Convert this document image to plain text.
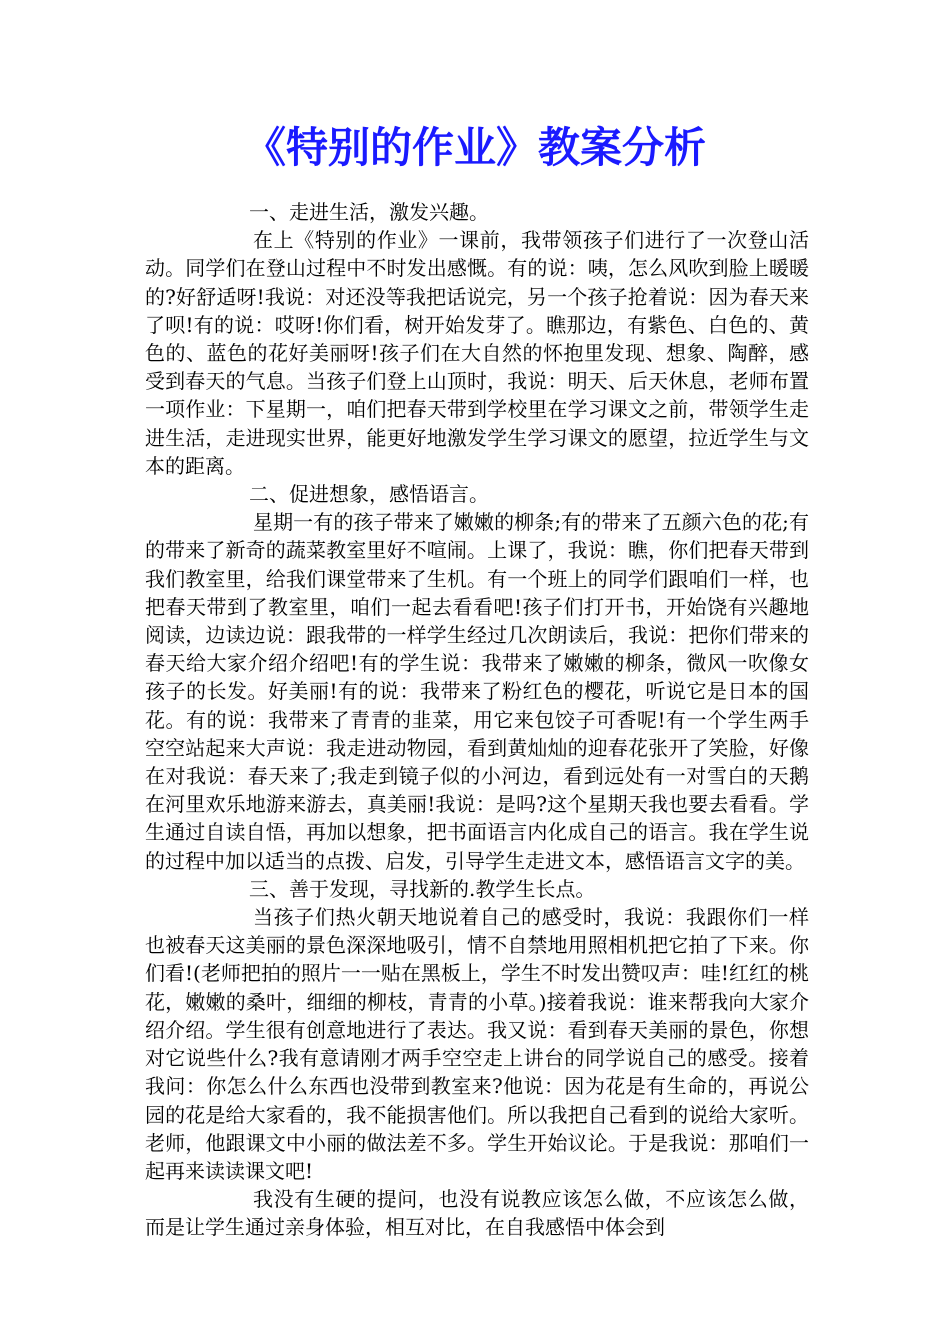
《特别的作业》教案分析

一、走进生活，激发兴趣。

在上《特别的作业》一课前，我带领孩子们进行了一次登山活动。同学们在登山过程中不时发出感慨。有的说：咦，怎么风吹到脸上暖暖的?好舒适呀!我说：对还没等我把话说完，另一个孩子抢着说：因为春天来了呗!有的说：哎呀!你们看，树开始发芽了。瞧那边，有紫色、白色的、黄色的、蓝色的花好美丽呀!孩子们在大自然的怀抱里发现、想象、陶醉，感受到春天的气息。当孩子们登上山顶时，我说：明天、后天休息，老师布置一项作业：下星期一，咱们把春天带到学校里在学习课文之前，带领学生走进生活，走进现实世界，能更好地激发学生学习课文的愿望，拉近学生与文本的距离。

二、促进想象，感悟语言。

星期一有的孩子带来了嫩嫩的柳条;有的带来了五颜六色的花;有的带来了新奇的蔬菜教室里好不喧闹。上课了，我说：瞧，你们把春天带到我们教室里，给我们课堂带来了生机。有一个班上的同学们跟咱们一样，也把春天带到了教室里，咱们一起去看看吧!孩子们打开书，开始饶有兴趣地阅读，边读边说：跟我带的一样学生经过几次朗读后，我说：把你们带来的春天给大家介绍介绍吧!有的学生说：我带来了嫩嫩的柳条，微风一吹像女孩子的长发。好美丽!有的说：我带来了粉红色的樱花，听说它是日本的国花。有的说：我带来了青青的韭菜，用它来包饺子可香呢!有一个学生两手空空站起来大声说：我走进动物园，看到黄灿灿的迎春花张开了笑脸，好像在对我说：春天来了;我走到镜子似的小河边，看到远处有一对雪白的天鹅在河里欢乐地游来游去，真美丽!我说：是吗?这个星期天我也要去看看。学生通过自读自悟，再加以想象，把书面语言内化成自己的语言。我在学生说的过程中加以适当的点拨、启发，引导学生走进文本，感悟语言文字的美。

三、善于发现，寻找新的.教学生长点。

当孩子们热火朝天地说着自己的感受时，我说：我跟你们一样也被春天这美丽的景色深深地吸引，情不自禁地用照相机把它拍了下来。你们看!(老师把拍的照片一一贴在黑板上，学生不时发出赞叹声：哇!红红的桃花，嫩嫩的桑叶，细细的柳枝，青青的小草。)接着我说：谁来帮我向大家介绍介绍。学生很有创意地进行了表达。我又说：看到春天美丽的景色，你想对它说些什么?我有意请刚才两手空空走上讲台的同学说自己的感受。接着我问：你怎么什么东西也没带到教室来?他说：因为花是有生命的，再说公园的花是给大家看的，我不能损害他们。所以我把自己看到的说给大家听。老师，他跟课文中小丽的做法差不多。学生开始议论。于是我说：那咱们一起再来读读课文吧!

我没有生硬的提问，也没有说教应该怎么做，不应该怎么做，而是让学生通过亲身体验，相互对比，在自我感悟中体会到
